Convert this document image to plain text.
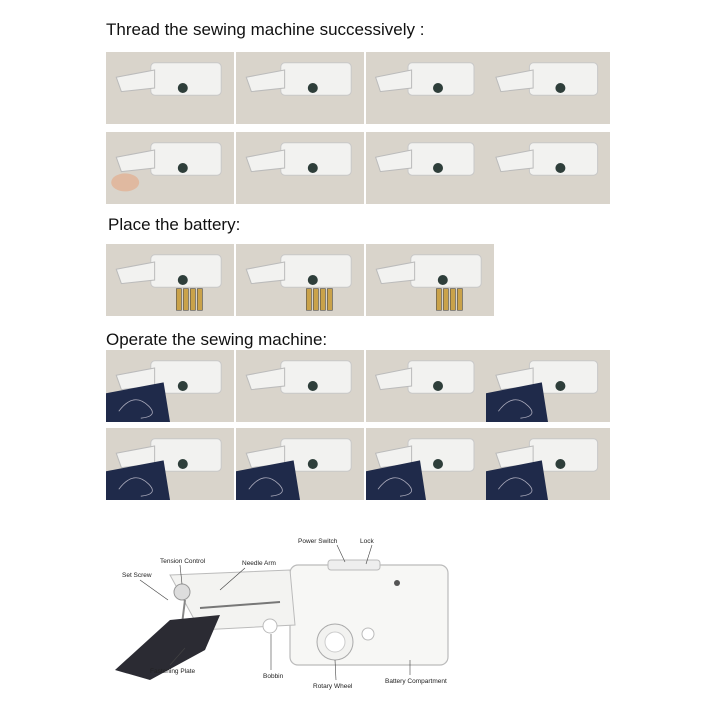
Thread the sewing machine successively :
Place the battery:
Operate the sewing machine:
Power Switch	Lock
Tension Control	Needle Arm
Set Screw
Fastening Plate
Bobbin
Rotary Wheel
Battery Compartment
